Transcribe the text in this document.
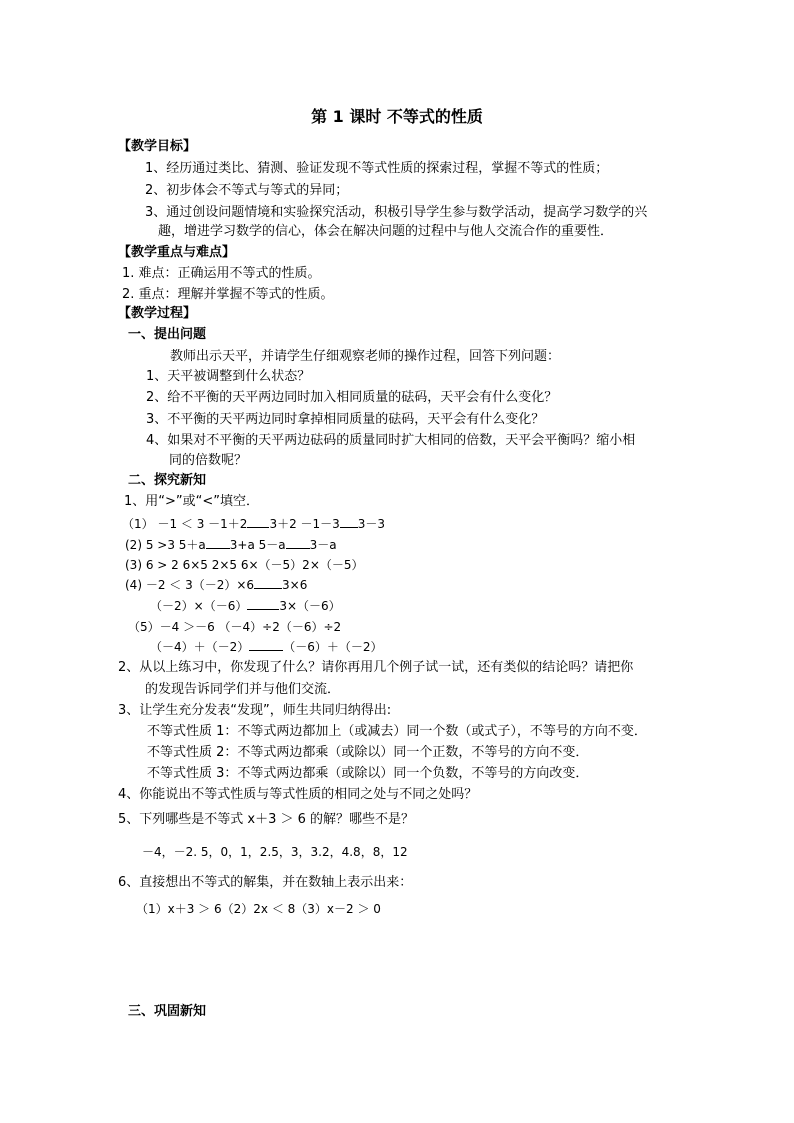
第 1 课时 不等式的性质
【教学目标】
1、经历通过类比、猜测、验证发现不等式性质的探索过程，掌握不等式的性质；
2、初步体会不等式与等式的异同；
3、通过创设问题情境和实验探究活动，积极引导学生参与数学活动，提高学习数学的兴
趣，增进学习数学的信心，体会在解决问题的过程中与他人交流合作的重要性．
【教学重点与难点】
1. 难点：正确运用不等式的性质。
2. 重点：理解并掌握不等式的性质。
【教学过程】
一、提出问题
教师出示天平，并请学生仔细观察老师的操作过程，回答下列问题：
1、天平被调整到什么状态？
2、给不平衡的天平两边同时加入相同质量的砝码，天平会有什么变化？
3、不平衡的天平两边同时拿掉相同质量的砝码，天平会有什么变化？
4、如果对不平衡的天平两边砝码的质量同时扩大相同的倍数，天平会平衡吗？缩小相
同的倍数呢？
二、探究新知
1、用“>”或“<”填空．
（1） －1 ＜ 3 －1＋2 3＋2 －1－3 3－3
(2) 5 >3 5＋a 3+a 5－a 3－a
(3) 6 > 2 6×5 2×5 6×（－5）2×（－5）
(4) －2 ＜ 3（－2）×6 3×6
（－2）×（－6）	3×（－6）
（5）－4 ＞－6 （－4）÷2（－6）÷2
（－4）＋（－2）	（－6）＋（－2）
2、从以上练习中，你发现了什么？请你再用几个例子试一试，还有类似的结论吗？请把你
的发现告诉同学们并与他们交流．
3、让学生充分发表“发现”，师生共同归纳得出:
不等式性质 1：不等式两边都加上（或减去）同一个数（或式子），不等号的方向不变．
不等式性质 2：不等式两边都乘（或除以）同一个正数，不等号的方向不变．
不等式性质 3：不等式两边都乘（或除以）同一个负数，不等号的方向改变．
4、你能说出不等式性质与等式性质的相同之处与不同之处吗？
5、下列哪些是不等式 x＋3 ＞ 6 的解？哪些不是？
－4，－2. 5，0，1，2.5，3，3.2，4.8，8，12
6、直接想出不等式的解集，并在数轴上表示出来：
（1）x＋3 ＞ 6（2）2x ＜ 8（3）x－2 ＞ 0
三、巩固新知
